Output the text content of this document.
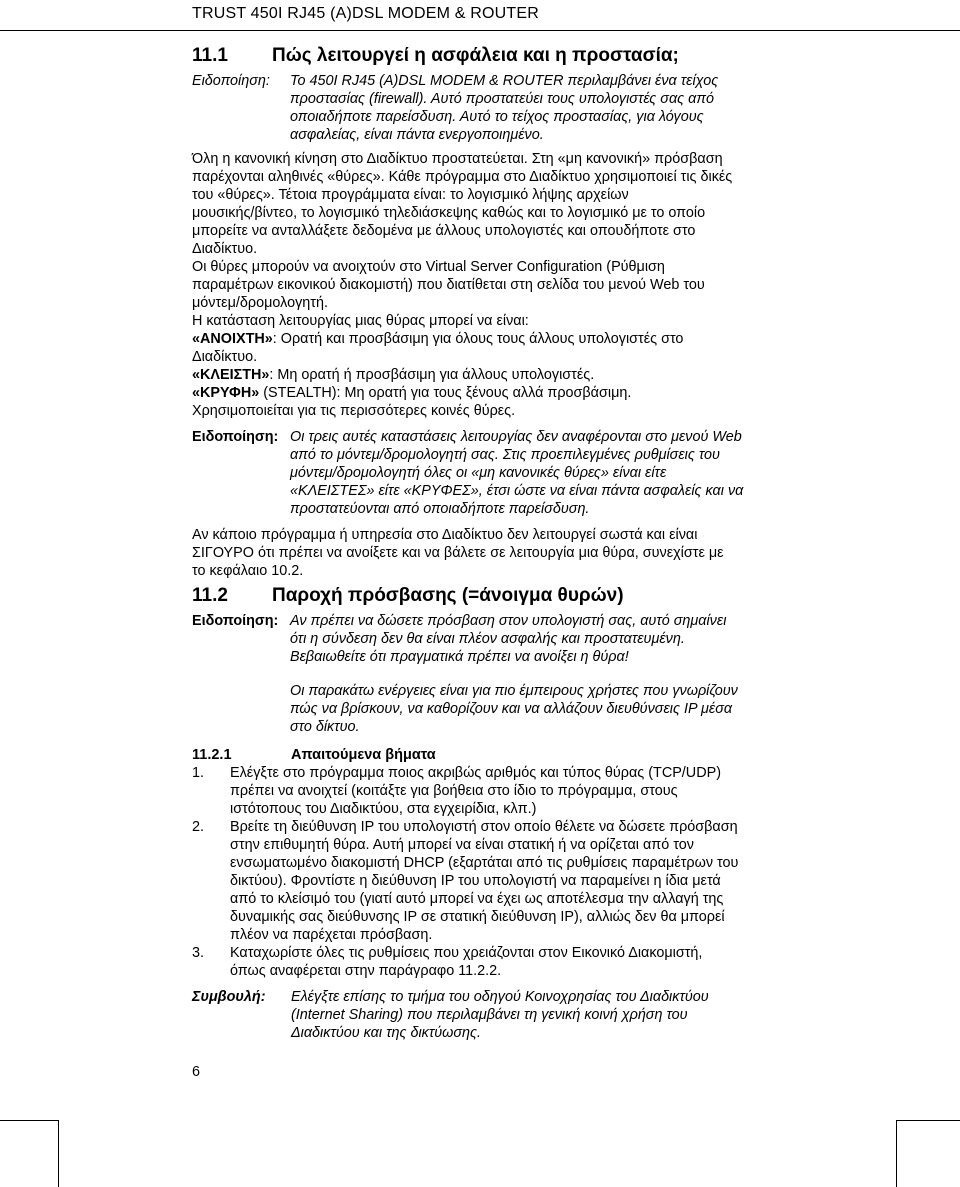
TRUST 450I RJ45 (A)DSL MODEM & ROUTER
11.1	Πώς λειτουργεί η ασφάλεια και η προστασία;
Ειδοποίηση:	Το 450I RJ45 (A)DSL MODEM & ROUTER περιλαμβάνει ένα τείχος
προστασίας (firewall). Αυτό προστατεύει τους υπολογιστές σας από
οποιαδήποτε παρείσδυση. Αυτό το τείχος προστασίας, για λόγους
ασφαλείας, είναι πάντα ενεργοποιημένο.
Όλη η κανονική κίνηση στο Διαδίκτυο προστατεύεται. Στη «μη κανονική» πρόσβαση
παρέχονται αληθινές «θύρες». Κάθε πρόγραμμα στο Διαδίκτυο χρησιμοποιεί τις δικές
του «θύρες». Τέτοια προγράμματα είναι: το λογισμικό λήψης αρχείων
μουσικής/βίντεο, το λογισμικό τηλεδιάσκεψης καθώς και το λογισμικό με το οποίο
μπορείτε να ανταλλάξετε δεδομένα με άλλους υπολογιστές και οπουδήποτε στο
Διαδίκτυο.
Οι θύρες μπορούν να ανοιχτούν στο Virtual Server Configuration (Ρύθμιση
παραμέτρων εικονικού διακομιστή) που διατίθεται στη σελίδα του μενού Web του
μόντεμ/δρομολογητή.
Η κατάσταση λειτουργίας μιας θύρας μπορεί να είναι:
«ΑΝΟΙΧΤΗ»: Ορατή και προσβάσιμη για όλους τους άλλους υπολογιστές στο
Διαδίκτυο.
«ΚΛΕΙΣΤΗ»: Μη ορατή ή προσβάσιμη για άλλους υπολογιστές.
«ΚΡΥΦΗ» (STEALTH): Μη ορατή για τους ξένους αλλά προσβάσιμη.
Χρησιμοποιείται για τις περισσότερες κοινές θύρες.
Ειδοποίηση: Οι τρεις αυτές καταστάσεις λειτουργίας δεν αναφέρονται στο μενού Web
από το μόντεμ/δρομολογητή σας. Στις προεπιλεγμένες ρυθμίσεις του
μόντεμ/δρομολογητή όλες οι «μη κανονικές θύρες» είναι είτε
«ΚΛΕΙΣΤΕΣ» είτε «ΚΡΥΦΕΣ», έτσι ώστε να είναι πάντα ασφαλείς και να
προστατεύονται από οποιαδήποτε παρείσδυση.
Αν κάποιο πρόγραμμα ή υπηρεσία στο Διαδίκτυο δεν λειτουργεί σωστά και είναι
ΣΙΓΟΥΡΟ ότι πρέπει να ανοίξετε και να βάλετε σε λειτουργία μια θύρα, συνεχίστε με
το κεφάλαιο 10.2.
11.2	Παροχή πρόσβασης (=άνοιγμα θυρών)
Ειδοποίηση: Αν πρέπει να δώσετε πρόσβαση στον υπολογιστή σας, αυτό σημαίνει
ότι η σύνδεση δεν θα είναι πλέον ασφαλής και προστατευμένη.
Βεβαιωθείτε ότι πραγματικά πρέπει να ανοίξει η θύρα!
Οι παρακάτω ενέργειες είναι για πιο έμπειρους χρήστες που γνωρίζουν
πώς να βρίσκουν, να καθορίζουν και να αλλάζουν διευθύνσεις IP μέσα
στο δίκτυο.
11.2.1	Απαιτούμενα βήματα
1.	Ελέγξτε στο πρόγραμμα ποιος ακριβώς αριθμός και τύπος θύρας (TCP/UDP)
πρέπει να ανοιχτεί (κοιτάξτε για βοήθεια στο ίδιο το πρόγραμμα, στους
ιστότοπους του Διαδικτύου, στα εγχειρίδια, κλπ.)
2.	Βρείτε τη διεύθυνση IP του υπολογιστή στον οποίο θέλετε να δώσετε πρόσβαση
στην επιθυμητή θύρα. Αυτή μπορεί να είναι στατική ή να ορίζεται από τον
ενσωματωμένο διακομιστή DHCP (εξαρτάται από τις ρυθμίσεις παραμέτρων του
δικτύου). Φροντίστε η διεύθυνση IP του υπολογιστή να παραμείνει η ίδια μετά
από το κλείσιμό του (γιατί αυτό μπορεί να έχει ως αποτέλεσμα την αλλαγή της
δυναμικής σας διεύθυνσης IP σε στατική διεύθυνση IP), αλλιώς δεν θα μπορεί
πλέον να παρέχεται πρόσβαση.
3.	Καταχωρίστε όλες τις ρυθμίσεις που χρειάζονται στον Εικονικό Διακομιστή,
όπως αναφέρεται στην παράγραφο 11.2.2.
Συμβουλή:	Ελέγξτε επίσης το τμήμα του οδηγού Κοινοχρησίας του Διαδικτύου
(Internet Sharing) που περιλαμβάνει τη γενική κοινή χρήση του
Διαδικτύου και της δικτύωσης.
6
